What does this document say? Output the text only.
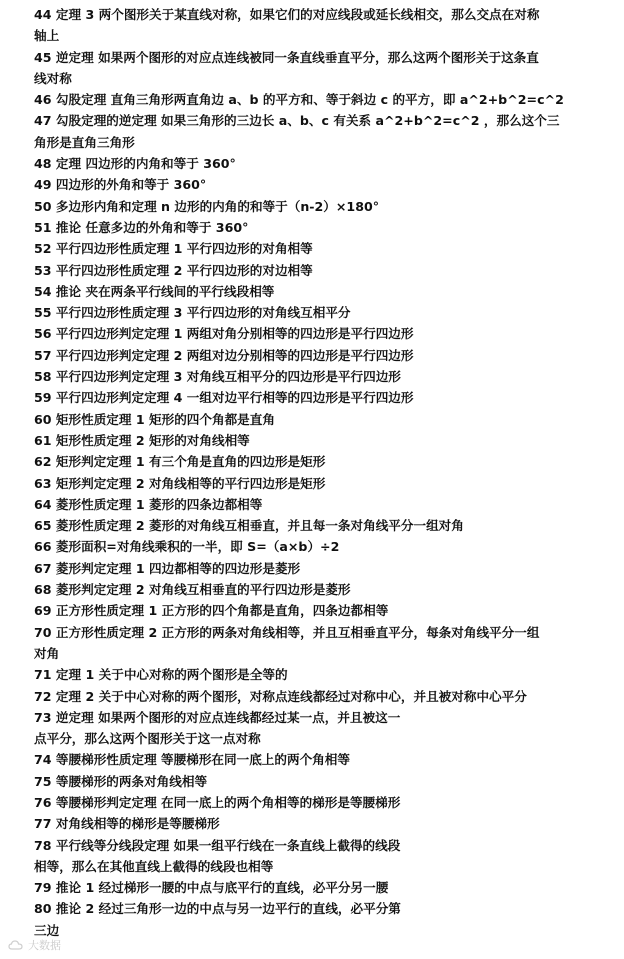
44 定理 3 两个图形关于某直线对称，如果它们的对应线段或延长线相交，那么交点在对称
轴上
45 逆定理 如果两个图形的对应点连线被同一条直线垂直平分，那么这两个图形关于这条直
线对称
46 勾股定理 直角三角形两直角边 a、b 的平方和、等于斜边 c 的平方，即 a^2+b^2=c^2
47 勾股定理的逆定理 如果三角形的三边长 a、b、c 有关系 a^2+b^2=c^2 ，那么这个三
角形是直角三角形
48 定理 四边形的内角和等于 360°
49 四边形的外角和等于 360°
50 多边形内角和定理 n 边形的内角的和等于（n-2）×180°
51 推论 任意多边的外角和等于 360°
52 平行四边形性质定理 1 平行四边形的对角相等
53 平行四边形性质定理 2 平行四边形的对边相等
54 推论 夹在两条平行线间的平行线段相等
55 平行四边形性质定理 3 平行四边形的对角线互相平分
56 平行四边形判定定理 1 两组对角分别相等的四边形是平行四边形
57 平行四边形判定定理 2 两组对边分别相等的四边形是平行四边形
58 平行四边形判定定理 3 对角线互相平分的四边形是平行四边形
59 平行四边形判定定理 4 一组对边平行相等的四边形是平行四边形
60 矩形性质定理 1 矩形的四个角都是直角
61 矩形性质定理 2 矩形的对角线相等
62 矩形判定定理 1 有三个角是直角的四边形是矩形
63 矩形判定定理 2 对角线相等的平行四边形是矩形
64 菱形性质定理 1 菱形的四条边都相等
65 菱形性质定理 2 菱形的对角线互相垂直，并且每一条对角线平分一组对角
66 菱形面积=对角线乘积的一半，即 S=（a×b）÷2
67 菱形判定定理 1 四边都相等的四边形是菱形
68 菱形判定定理 2 对角线互相垂直的平行四边形是菱形
69 正方形性质定理 1 正方形的四个角都是直角，四条边都相等
70 正方形性质定理 2 正方形的两条对角线相等，并且互相垂直平分，每条对角线平分一组
对角
71 定理 1 关于中心对称的两个图形是全等的
72 定理 2 关于中心对称的两个图形，对称点连线都经过对称中心，并且被对称中心平分
73 逆定理 如果两个图形的对应点连线都经过某一点，并且被这一
点平分，那么这两个图形关于这一点对称
74 等腰梯形性质定理 等腰梯形在同一底上的两个角相等
75 等腰梯形的两条对角线相等
76 等腰梯形判定定理 在同一底上的两个角相等的梯形是等腰梯形
77 对角线相等的梯形是等腰梯形
78 平行线等分线段定理 如果一组平行线在一条直线上截得的线段
相等，那么在其他直线上截得的线段也相等
79 推论 1 经过梯形一腰的中点与底平行的直线，必平分另一腰
80 推论 2 经过三角形一边的中点与另一边平行的直线，必平分第
三边
大数据
